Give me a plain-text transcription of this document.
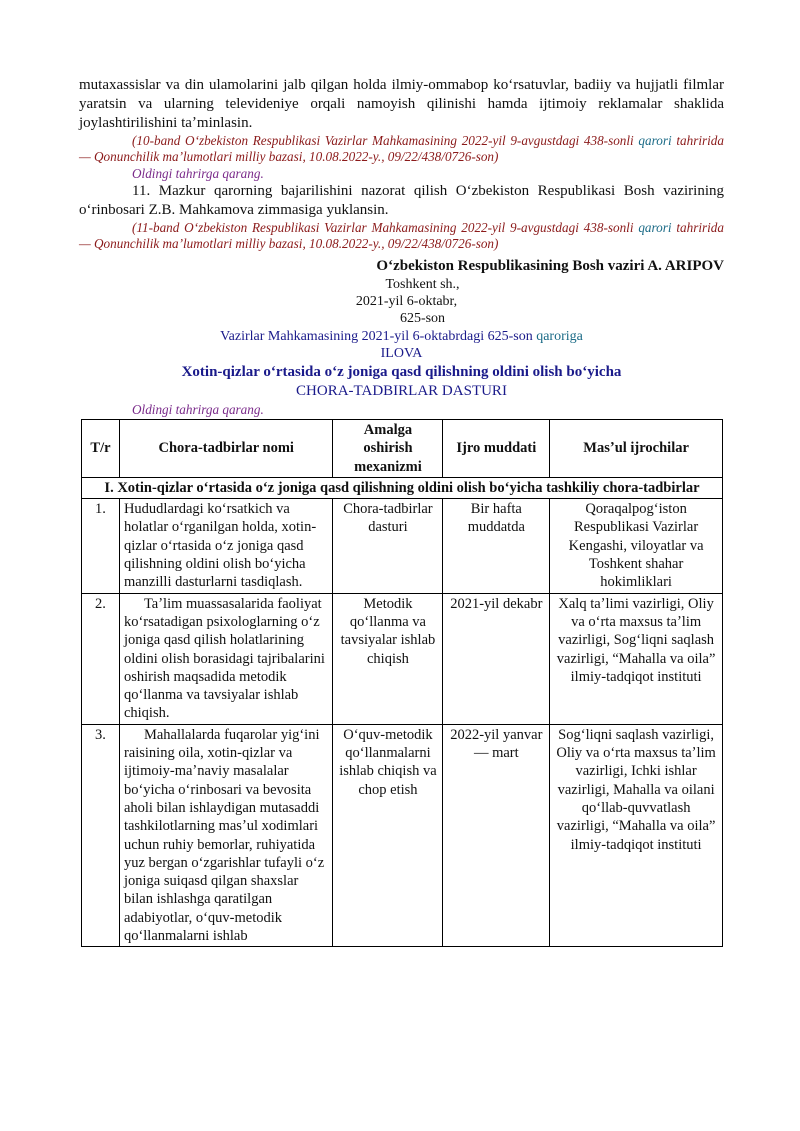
mutaxassislar va din ulamolarini jalb qilgan holda ilmiy-ommabop koʻrsatuvlar, badiiy va hujjatli filmlar yaratsin va ularning televideniye orqali namoyish qilinishi hamda ijtimoiy reklamalar shaklida joylashtirilishini taʼminlasin.

(10-band Oʻzbekiston Respublikasi Vazirlar Mahkamasining 2022-yil 9-avgustdagi 438-sonli qarori tahririda — Qonunchilik maʼlumotlari milliy bazasi, 10.08.2022-y., 09/22/438/0726-son)

Oldingi tahrirga qarang.

11. Mazkur qarorning bajarilishini nazorat qilish Oʻzbekiston Respublikasi Bosh vazirining oʻrinbosari Z.B. Mahkamova zimmasiga yuklansin.

(11-band Oʻzbekiston Respublikasi Vazirlar Mahkamasining 2022-yil 9-avgustdagi 438-sonli qarori tahririda — Qonunchilik maʼlumotlari milliy bazasi, 10.08.2022-y., 09/22/438/0726-son)

Oʻzbekiston Respublikasining Bosh vaziri A. ARIPOV

Toshkent sh.,

2021-yil 6-oktabr,

625-son

Vazirlar Mahkamasining 2021-yil 6-oktabrdagi 625-son qaroriga

ILOVA

Xotin-qizlar oʻrtasida oʻz joniga qasd qilishning oldini olish boʻyicha

CHORA-TADBIRLAR DASTURI

Oldingi tahrirga qarang.

T/r	Chora-tadbirlar nomi	Amalga oshirish mexanizmi	Ijro muddati	Masʼul ijrochilar
I. Xotin-qizlar oʻrtasida oʻz joniga qasd qilishning oldini olish boʻyicha tashkiliy chora-tadbirlar				
1.	Hududlardagi koʻrsatkich va holatlar oʻrganilgan holda, xotin-qizlar oʻrtasida oʻz joniga qasd qilishning oldini olish boʻyicha manzilli dasturlarni tasdiqlash.	Chora-tadbirlar dasturi	Bir hafta muddatda	Qoraqalpogʻiston Respublikasi Vazirlar Kengashi, viloyatlar va Toshkent shahar hokimliklari
2.	Taʼlim muassasalarida faoliyat koʻrsatadigan psixologlarning oʻz joniga qasd qilish holatlarining oldini olish borasidagi tajribalarini oshirish maqsadida metodik qoʻllanma va tavsiyalar ishlab chiqish.	Metodik qoʻllanma va tavsiyalar ishlab chiqish	2021-yil dekabr	Xalq taʼlimi vazirligi, Oliy va oʻrta maxsus taʼlim vazirligi, Sogʻliqni saqlash vazirligi, “Mahalla va oila” ilmiy-tadqiqot instituti
3.	Mahallalarda fuqarolar yigʻini raisining oila, xotin-qizlar va ijtimoiy-maʼnaviy masalalar boʻyicha oʻrinbosari va bevosita aholi bilan ishlaydigan mutasaddi tashkilotlarning masʼul xodimlari uchun ruhiy bemorlar, ruhiyatida yuz bergan oʻzgarishlar tufayli oʻz joniga suiqasd qilgan shaxslar bilan ishlashga qaratilgan adabiyotlar, oʻquv-metodik qoʻllanmalarni ishlab	Oʻquv-metodik qoʻllanmalarni ishlab chiqish va chop etish	2022-yil yanvar — mart	Sogʻliqni saqlash vazirligi, Oliy va oʻrta maxsus taʼlim vazirligi, Ichki ishlar vazirligi, Mahalla va oilani qoʻllab-quvvatlash vazirligi, “Mahalla va oila” ilmiy-tadqiqot instituti
